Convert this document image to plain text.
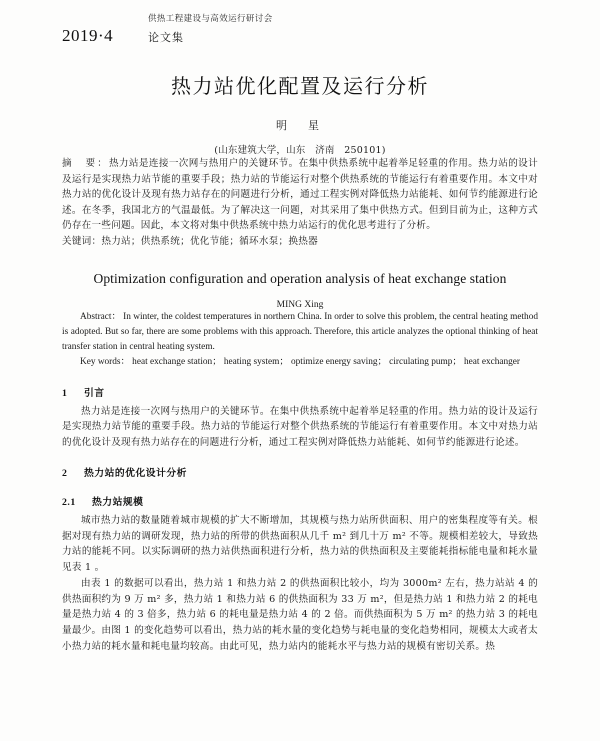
供热工程建设与高效运行研讨会
2019·4	论文集
热力站优化配置及运行分析
明　星
(山东建筑大学，山东　济南　250101)

摘　要：热力站是连接一次网与热用户的关键环节。在集中供热系统中起着举足轻重的作用。热力站的设计及运行是实现热力站节能的重要手段；热力站的节能运行对整个供热系统的节能运行有着重要作用。本文中对热力站的优化设计及现有热力站存在的问题进行分析，通过工程实例对降低热力站能耗、如何节约能源进行论述。在冬季，我国北方的气温最低。为了解决这一问题，对其采用了集中供热方式。但到目前为止，这种方式仍存在一些问题。因此，本文将对集中供热系统中热力站运行的优化思考进行了分析。

关键词：热力站；供热系统；优化节能；循环水泵；换热器

Optimization configuration and operation analysis of heat exchange station
MING Xing

Abstract： In winter, the coldest temperatures in northern China. In order to solve this problem, the central heating method is adopted. But so far, there are some problems with this approach. Therefore, this article analyzes the optional thinking of heat transfer station in central heating system.

Key words： heat exchange station； heating system； optimize energy saving； circulating pump； heat exchanger

1 引言

热力站是连接一次网与热用户的关键环节。在集中供热系统中起着举足轻重的作用。热力站的设计及运行是实现热力站节能的重要手段。热力站的节能运行对整个供热系统的节能运行有着重要作用。本文中对热力站的优化设计及现有热力站存在的问题进行分析，通过工程实例对降低热力站能耗、如何节约能源进行论述。

2 热力站的优化设计分析
2.1 热力站规模

城市热力站的数量随着城市规模的扩大不断增加，其规模与热力站所供面积、用户的密集程度等有关。根据对现有热力站的调研发现，热力站的所带的供热面积从几千 m² 到几十万 m² 不等。规模相差较大，导致热力站的能耗不同。以实际调研的热力站供热面积进行分析，热力站的供热面积及主要能耗指标能电量和耗水量见表 1 。

由表 1 的数据可以看出，热力站 1 和热力站 2 的供热面积比较小，均为 3000m² 左右，热力站站 4 的供热面积约为 9 万 m² 多，热力站 1 和热力站 6 的供热面积为 33 万 m²，但是热力站 1 和热力站 2 的耗电量是热力站 4 的 3 倍多，热力站 6 的耗电量是热力站 4 的 2 倍。而供热面积为 5 万 m² 的热力站 3 的耗电量最少。由图 1 的变化趋势可以看出，热力站的耗水量的变化趋势与耗电量的变化趋势相同，规模太大或者太小热力站的耗水量和耗电量均较高。由此可见，热力站内的能耗水平与热力站的规模有密切关系。热
